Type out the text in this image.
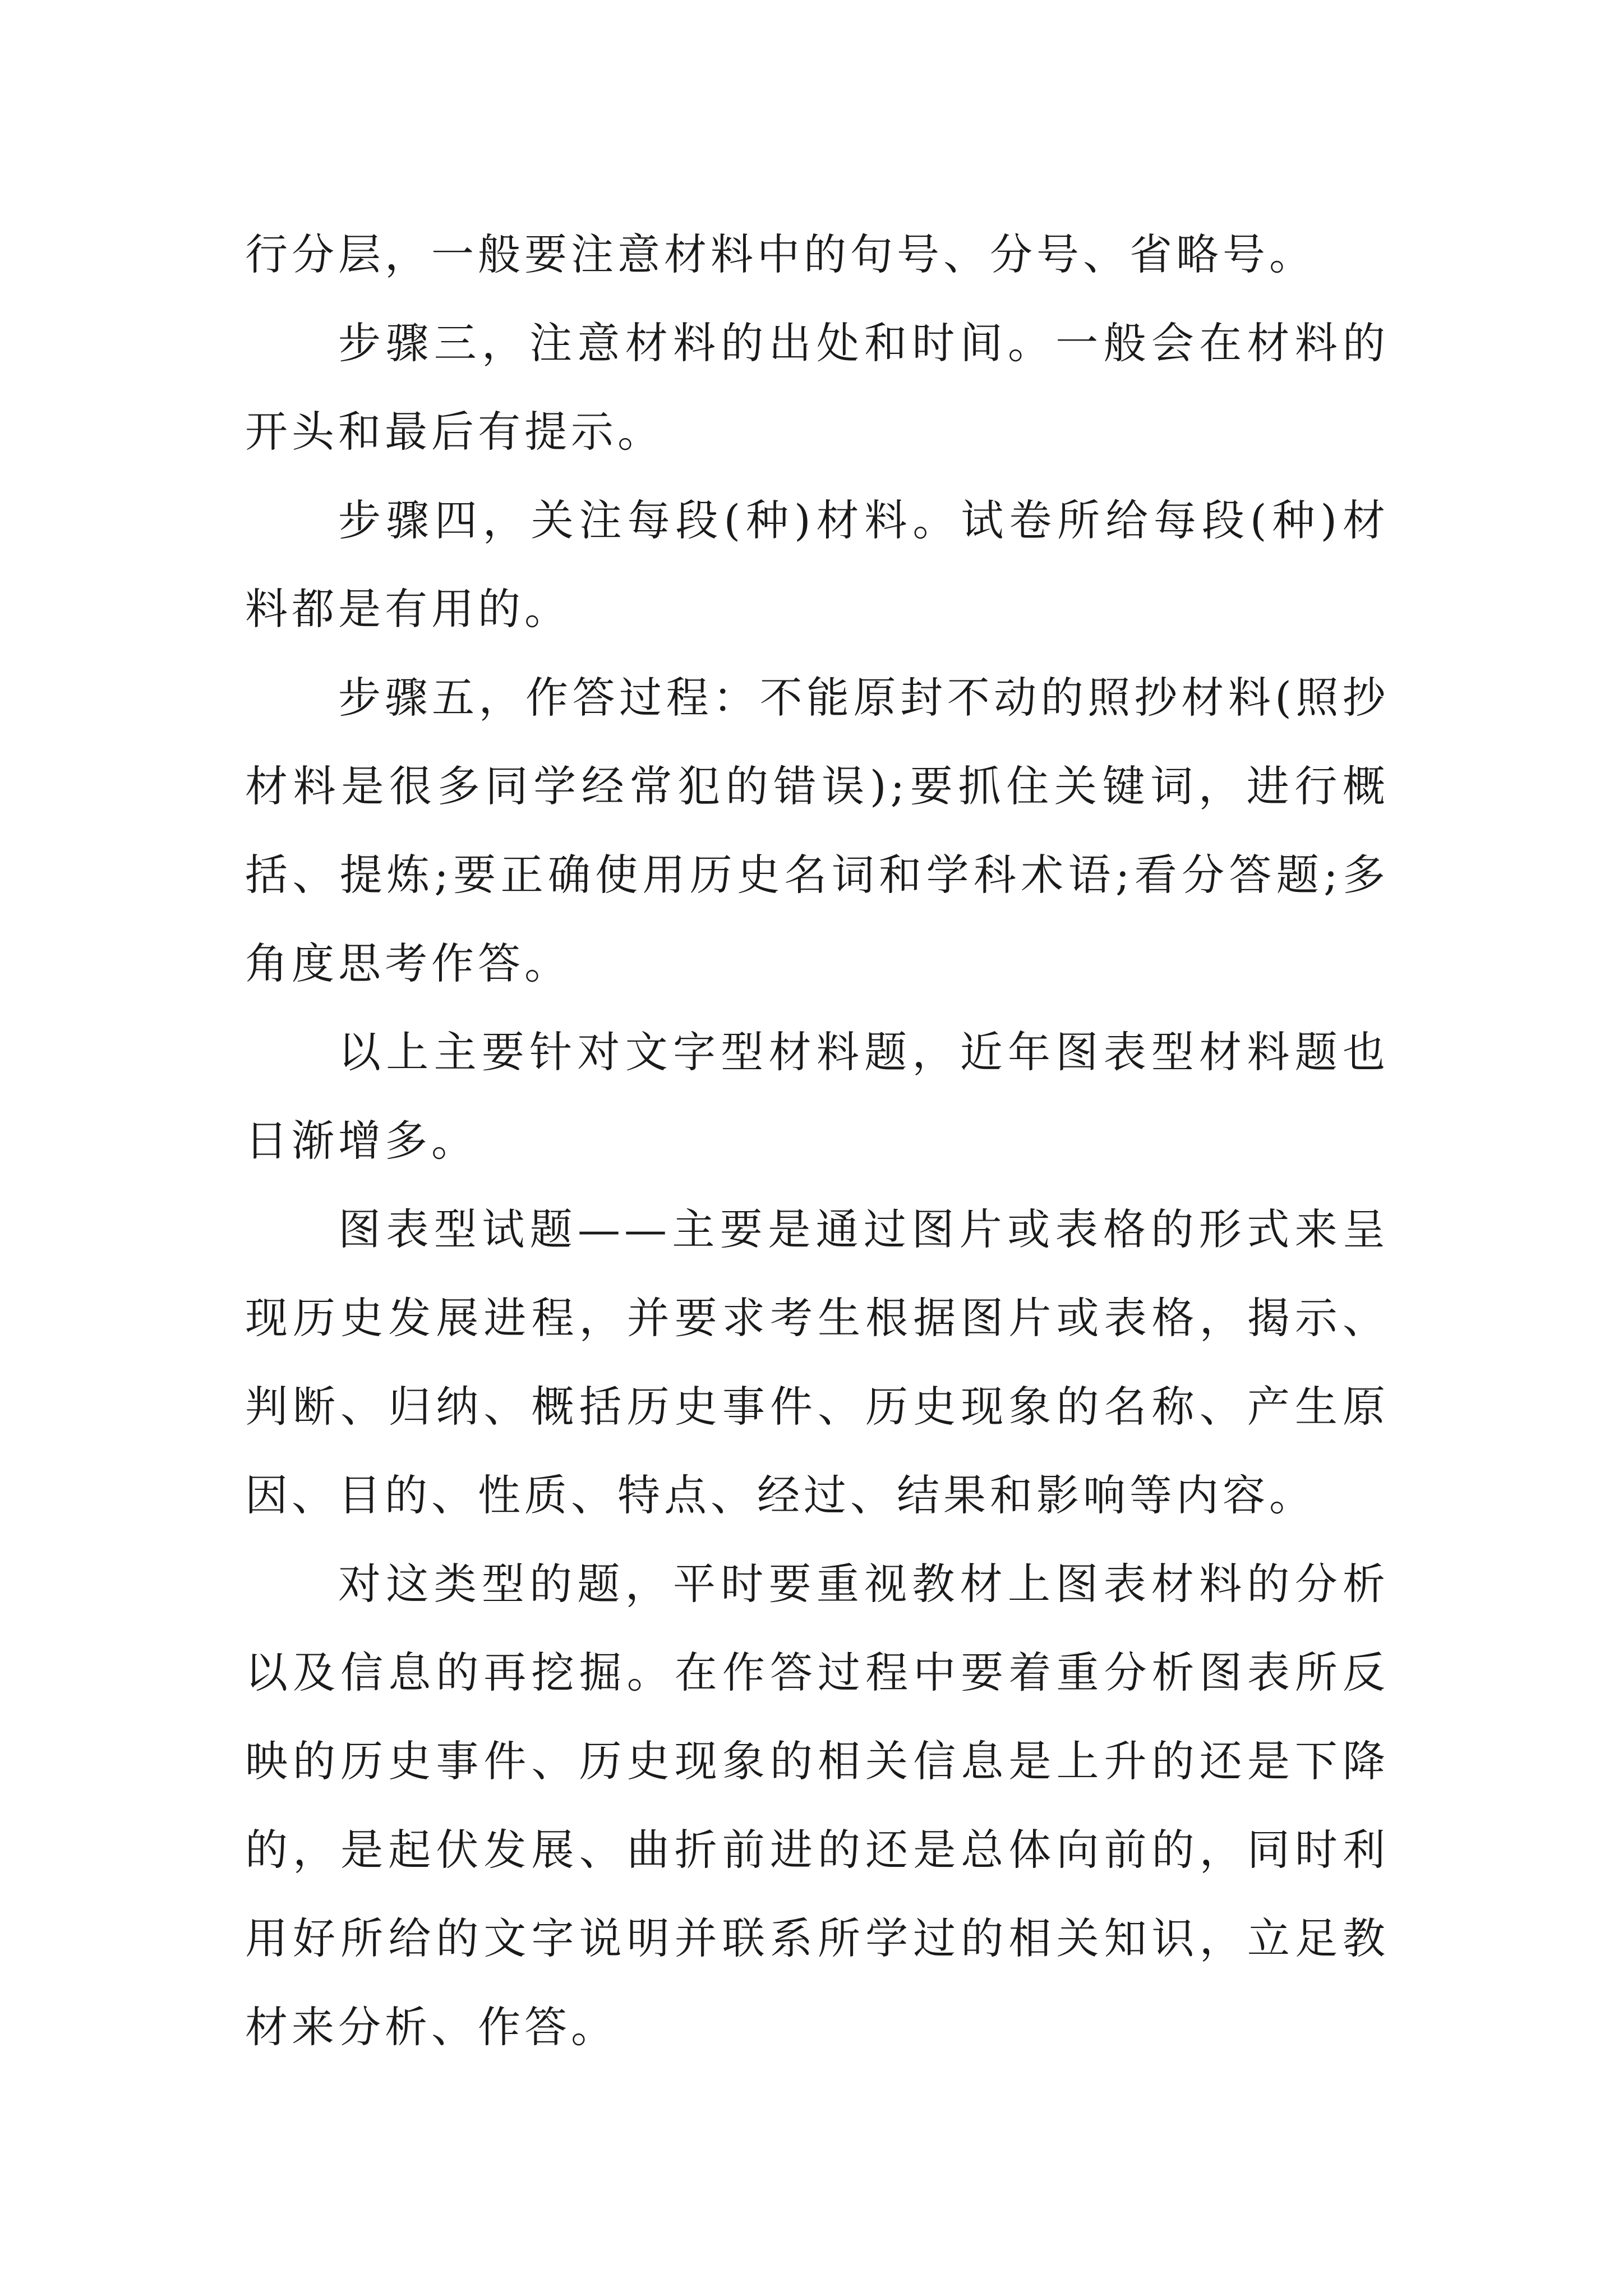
行分层，一般要注意材料中的句号、分号、省略号。

步骤三，注意材料的出处和时间。一般会在材料的开头和最后有提示。

步骤四，关注每段(种)材料。试卷所给每段(种)材料都是有用的。

步骤五，作答过程：不能原封不动的照抄材料(照抄材料是很多同学经常犯的错误);要抓住关键词，进行概括、提炼;要正确使用历史名词和学科术语;看分答题;多角度思考作答。

以上主要针对文字型材料题，近年图表型材料题也日渐增多。

图表型试题——主要是通过图片或表格的形式来呈现历史发展进程，并要求考生根据图片或表格，揭示、判断、归纳、概括历史事件、历史现象的名称、产生原因、目的、性质、特点、经过、结果和影响等内容。

对这类型的题，平时要重视教材上图表材料的分析以及信息的再挖掘。在作答过程中要着重分析图表所反映的历史事件、历史现象的相关信息是上升的还是下降的，是起伏发展、曲折前进的还是总体向前的，同时利用好所给的文字说明并联系所学过的相关知识，立足教材来分析、作答。
